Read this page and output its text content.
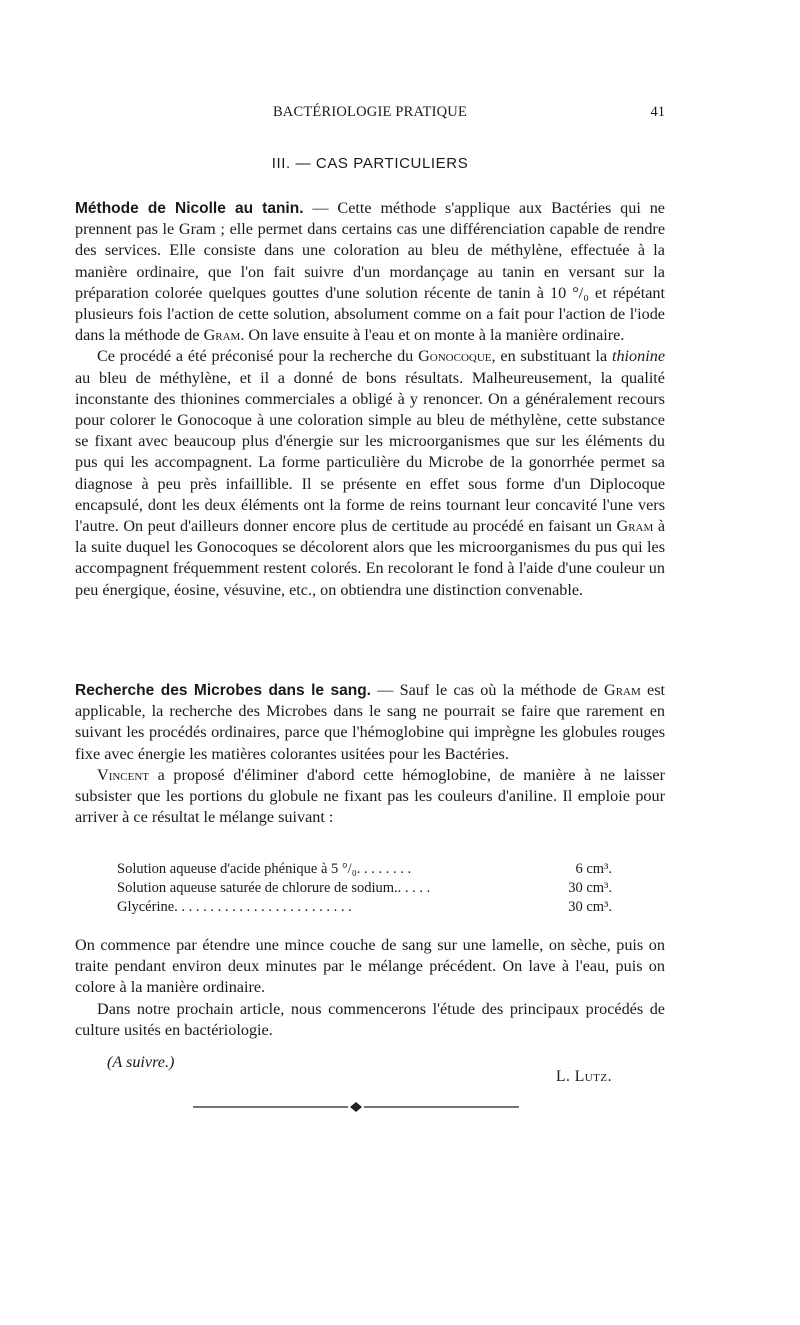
BACTÉRIOLOGIE PRATIQUE	41
III. — CAS PARTICULIERS

Méthode de Nicolle au tanin. — Cette méthode s'applique aux Bactéries qui ne prennent pas le Gram ; elle permet dans certains cas une différenciation capable de rendre des services. Elle consiste dans une coloration au bleu de méthylène, effectuée à la manière ordinaire, que l'on fait suivre d'un mordançage au tanin en versant sur la préparation colorée quelques gouttes d'une solution récente de tanin à 10 °/₀ et répétant plusieurs fois l'action de cette solution, absolument comme on a fait pour l'action de l'iode dans la méthode de Gram. On lave ensuite à l'eau et on monte à la manière ordinaire.

Ce procédé a été préconisé pour la recherche du Gonocoque, en substituant la thionine au bleu de méthylène, et il a donné de bons résultats. Malheureusement, la qualité inconstante des thionines commerciales a obligé à y renoncer. On a généralement recours pour colorer le Gonocoque à une coloration simple au bleu de méthylène, cette substance se fixant avec beaucoup plus d'énergie sur les microorganismes que sur les éléments du pus qui les accompagnent. La forme particulière du Microbe de la gonorrhée permet sa diagnose à peu près infaillible. Il se présente en effet sous forme d'un Diplocoque encapsulé, dont les deux éléments ont la forme de reins tournant leur concavité l'une vers l'autre. On peut d'ailleurs donner encore plus de certitude au procédé en faisant un Gram à la suite duquel les Gonocoques se décolorent alors que les microorganismes du pus qui les accompagnent fréquemment restent colorés. En recolorant le fond à l'aide d'une couleur un peu énergique, éosine, vésuvine, etc., on obtiendra une distinction convenable.

Recherche des Microbes dans le sang. — Sauf le cas où la méthode de Gram est applicable, la recherche des Microbes dans le sang ne pourrait se faire que rarement en suivant les procédés ordinaires, parce que l'hémoglobine qui imprègne les globules rouges fixe avec énergie les matières colorantes usitées pour les Bactéries.

Vincent a proposé d'éliminer d'abord cette hémoglobine, de manière à ne laisser subsister que les portions du globule ne fixant pas les couleurs d'aniline. Il emploie pour arriver à ce résultat le mélange suivant :

Solution aqueuse d'acide phénique à 5 °/₀. . . . . . . .	6 cm³.
Solution aqueuse saturée de chlorure de sodium.. . . . .	30 cm³.
Glycérine. . . . . . . . . . . . . . . . . . . . . . . . .	30 cm³.

On commence par étendre une mince couche de sang sur une lamelle, on sèche, puis on traite pendant environ deux minutes par le mélange précédent. On lave à l'eau, puis on colore à la manière ordinaire.

Dans notre prochain article, nous commencerons l'étude des principaux procédés de culture usités en bactériologie.

(A suivre.)
L. Lutz.
